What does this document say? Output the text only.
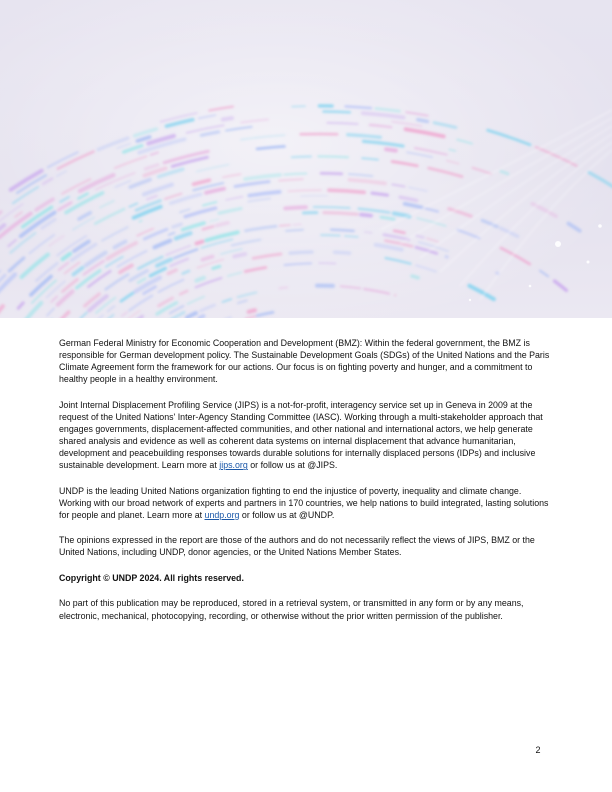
German Federal Ministry for Economic Cooperation and Development (BMZ): Within the federal government, the BMZ is responsible for German development policy. The Sustainable Development Goals (SDGs) of the United Nations and the Paris Climate Agreement form the framework for our actions. Our focus is on fighting poverty and hunger, and a commitment to healthy people in a healthy environment.

Joint Internal Displacement Profiling Service (JIPS) is a not-for-profit, interagency service set up in Geneva in 2009 at the request of the United Nations' Inter-Agency Standing Committee (IASC). Working through a multi-stakeholder approach that engages governments, displacement-affected communities, and other national and international actors, we help generate shared analysis and evidence as well as coherent data systems on internal displacement that advance humanitarian, development and peacebuilding responses towards durable solutions for internally displaced persons (IDPs) and inclusive sustainable development. Learn more at jips.org or follow us at @JIPS.

UNDP is the leading United Nations organization fighting to end the injustice of poverty, inequality and climate change. Working with our broad network of experts and partners in 170 countries, we help nations to build integrated, lasting solutions for people and planet. Learn more at undp.org or follow us at @UNDP.

The opinions expressed in the report are those of the authors and do not necessarily reflect the views of JIPS, BMZ or the United Nations, including UNDP, donor agencies, or the United Nations Member States.

Copyright © UNDP 2024. All rights reserved.

No part of this publication may be reproduced, stored in a retrieval system, or transmitted in any form or by any means, electronic, mechanical, photocopying, recording, or otherwise without the prior written permission of the publisher.

2
